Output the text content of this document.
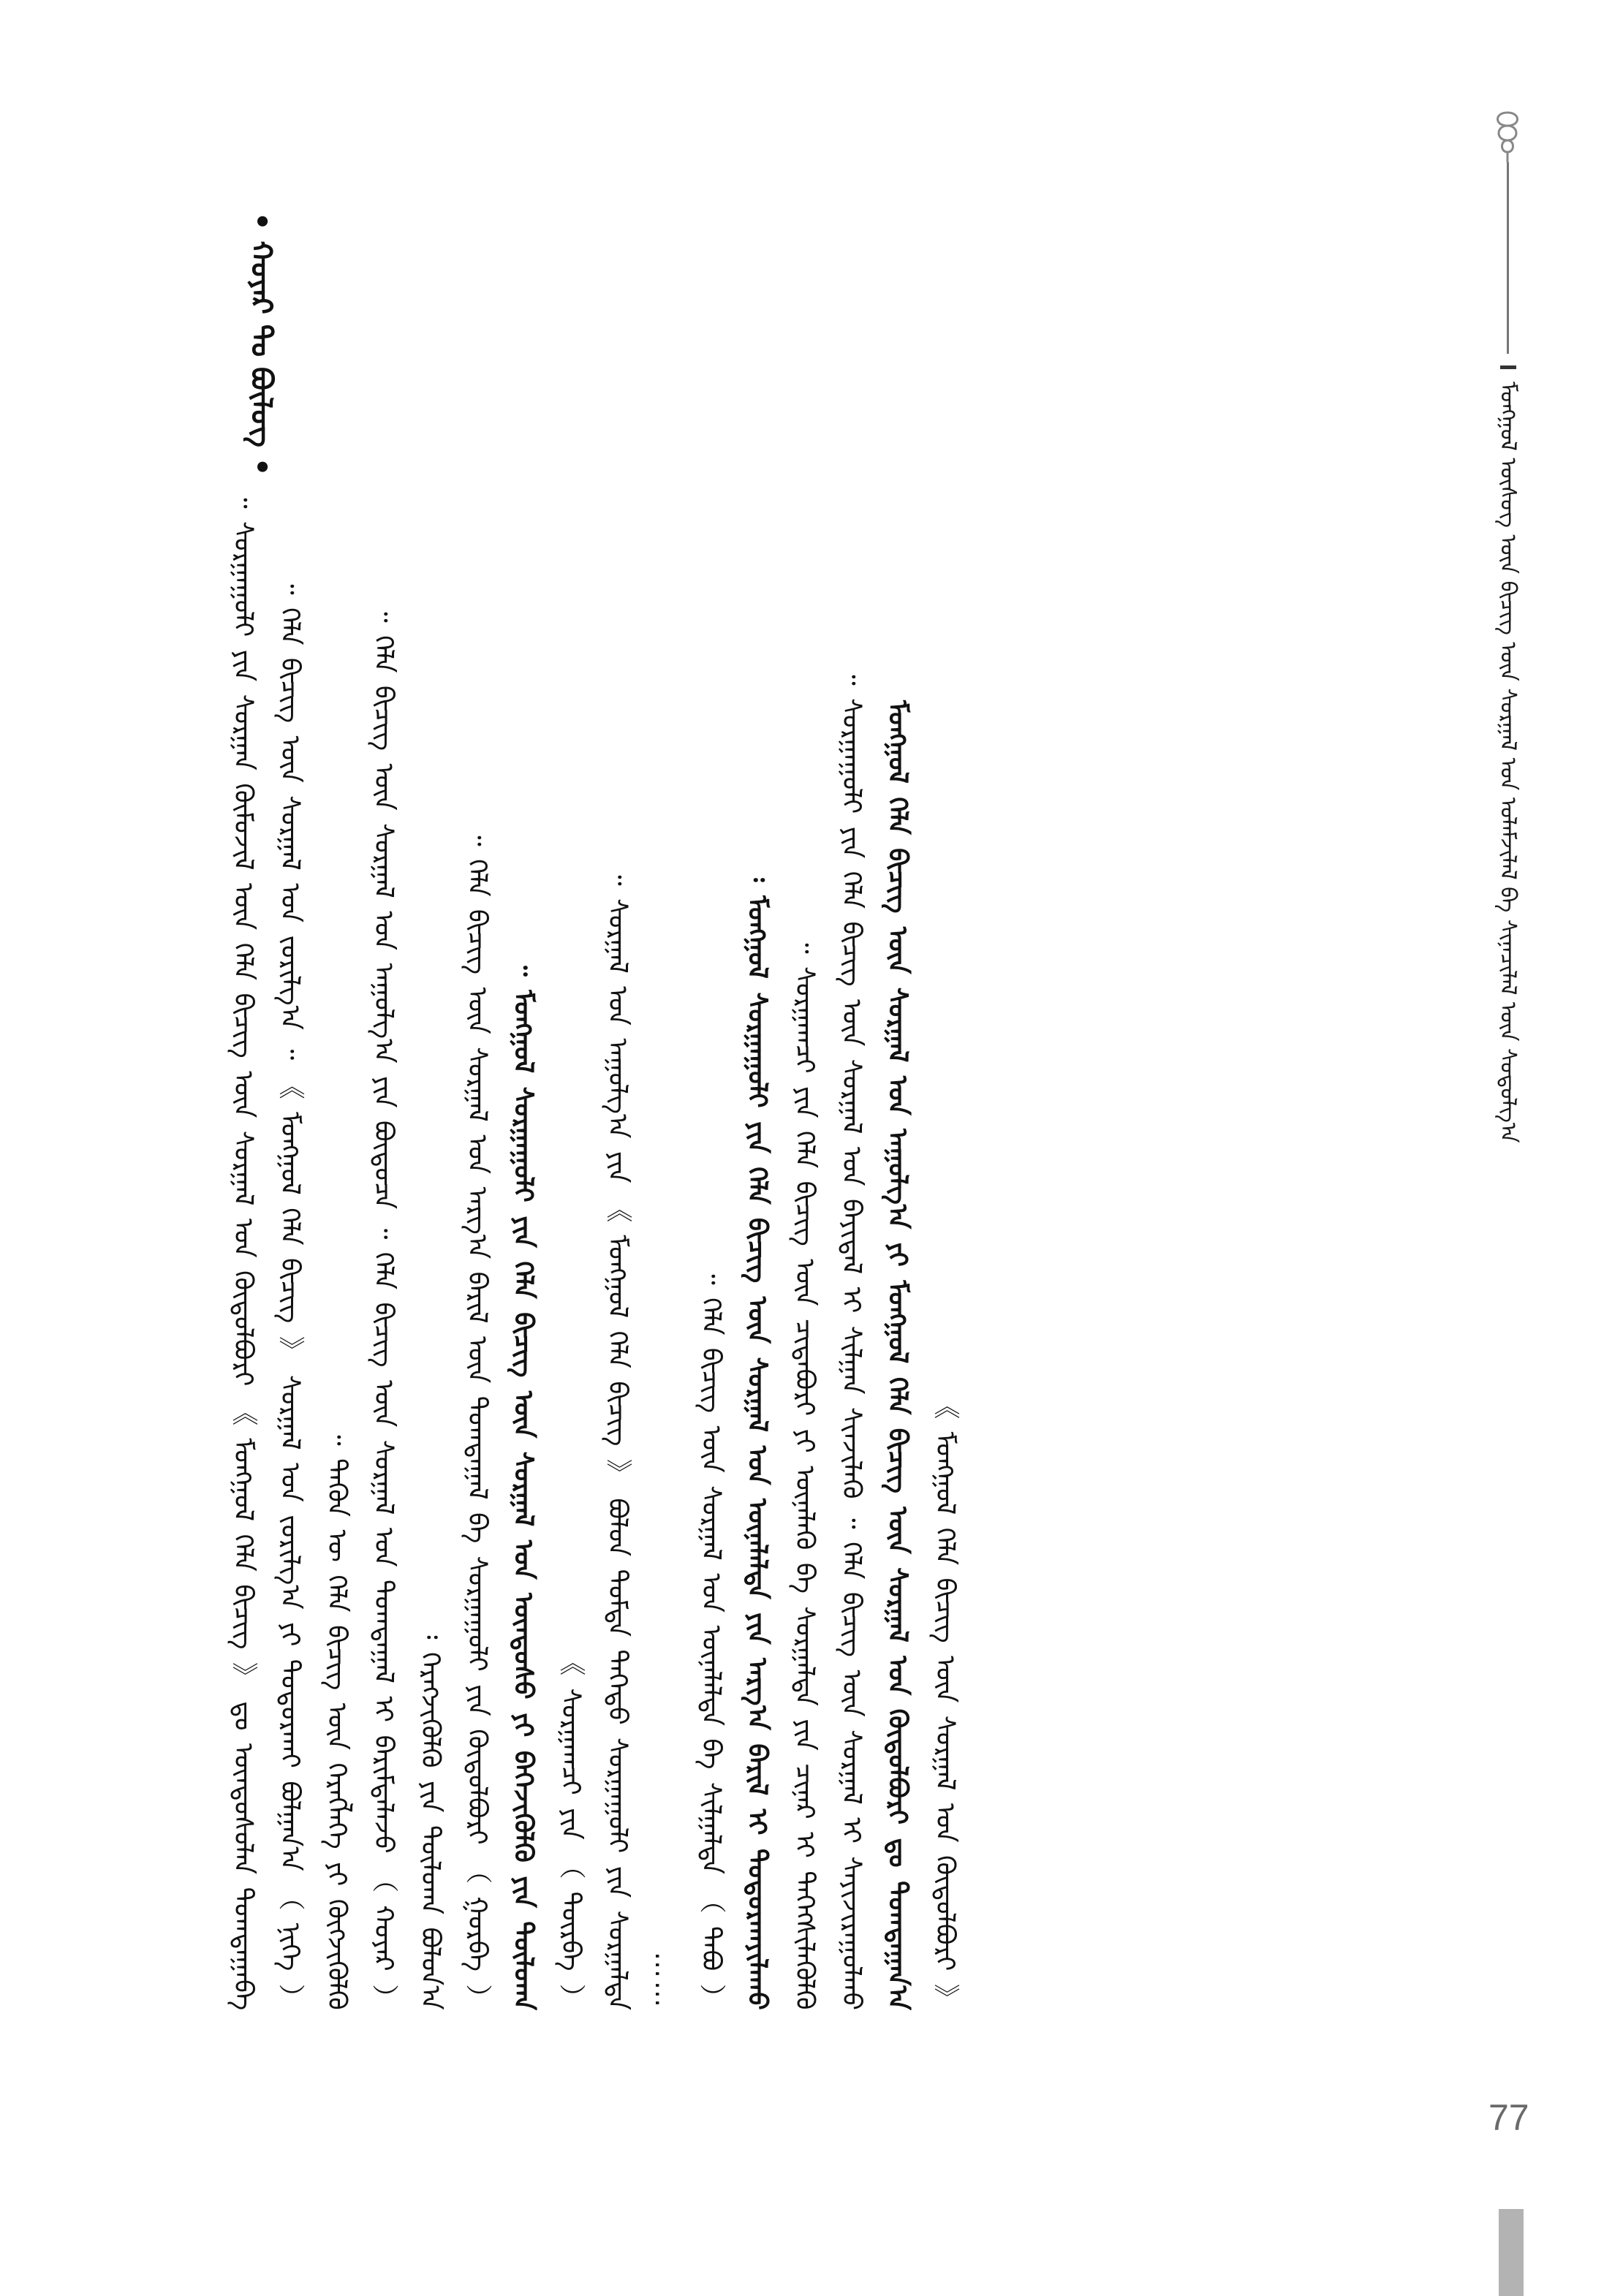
ᠮᠣᠩᠭᠣᠯ ᠦᠰᠦᠭ ᠦᠨ ᠪᠢᠴᠢᠭ᠌ ᠦᠨ ᠰᠤᠷᠭᠠᠯ ᠤᠨ ᠤᠯᠠᠮᠵᠢᠯᠠᠯ ᠪᠠ ᠰᠢᠨᠡᠴᠢᠯᠡᠯ ᠦᠨ ᠰᠤᠳᠤᠯᠭ᠎ᠠ
ᠰᠤᠷᠭᠠᠭᠤᠯᠢ ᠶᠢᠨ ᠰᠤᠷᠭᠠᠨ ᠬᠦᠮᠦᠵᠢᠯ ᠦᠨ ᠬᠡᠯᠡ ᠪᠢᠴᠢᠭ ᠦᠨ ᠰᠤᠷᠭᠠᠯ ᠤᠨ ᠬᠥᠲᠥᠯᠪᠦᠷᠢ 《 ᠮᠣᠩᠭᠣᠯ ᠬᠡᠯᠡ ᠪᠢᠴᠢᠭ᠌ 》 ᠳᠤ ᠦᠨᠳᠦᠰᠦᠯᠡᠨ ᠲᠣᠭᠲᠠᠭᠠᠪᠠ ᠃ （ ᠨᠢᠭᠡ ） ᠬᠡᠯᠡ ᠪᠢᠴᠢᠭ᠌ ᠦᠨ ᠰᠤᠷᠭᠠᠯ ᠤᠨ ᠵᠣᠷᠢᠯᠭ᠎ᠠ ᠃ 《 ᠮᠣᠩᠭᠣᠯ ᠬᠡᠯᠡ ᠪᠢᠴᠢᠭ᠌ 》 ᠰᠤᠷᠭᠠᠯ ᠤᠨ ᠵᠣᠷᠢᠯᠭ᠎ᠠ ᠶᠢ ᠲᠣᠳᠣᠷᠬᠠᠶ ᠪᠣᠯᠭᠠᠨ᠎ᠠ ᠃
ᠲᠡᠭᠦᠨ ᠦ ᠬᠡᠯᠡ ᠪᠢᠴᠢᠭ᠌ ᠦᠨ ᠬᠡᠷᠡᠭᠯᠡᠭᠡ ᠶᠢ ᠬᠥᠭᠵᠢᠭᠦᠯᠬᠦ ᠃
（ ᠬᠣᠶᠠᠷ ） ᠬᠡᠯᠡ ᠪᠢᠴᠢᠭ᠌ ᠦᠨ ᠰᠤᠷᠭᠠᠯ ᠤᠨ ᠠᠭᠤᠯᠭ᠎ᠠ ᠶᠢᠨ ᠪᠦᠲᠦᠴᠡ ᠃ ᠬᠡᠯᠡ ᠪᠢᠴᠢᠭ᠌ ᠦᠨ ᠰᠤᠷᠭᠠᠯ ᠤᠨ ᠲᠣᠭᠲᠠᠭᠠᠯ ᠢ ᠪᠠᠷᠢᠮᠳᠠᠯᠠᠵᠤ ᠃
ᠬᠡᠷᠡᠭᠵᠢᠭᠦᠯᠬᠦ ᠶᠢᠨ ᠲᠥᠯᠥᠭ᠍ᠡ ᠪᠣᠯᠤᠨ᠎ᠠ ᠄
（ ᠭᠤᠷᠪᠠ ） ᠬᠡᠯᠡ ᠪᠢᠴᠢᠭ᠌ ᠦᠨ ᠰᠤᠷᠭᠠᠯ ᠤᠨ ᠠᠷᠭ᠎ᠠ ᠪᠠᠷᠢᠯ ᠦᠨ ᠲᠣᠭᠲᠠᠭᠠᠯ ᠪᠠ ᠰᠤᠷᠭᠠᠭᠤᠯᠢ ᠶᠢᠨ ᠬᠥᠲᠥᠯᠪᠦᠷᠢ ᠃
ᠮᠣᠩᠭᠣᠯ ᠰᠤᠷᠭᠠᠭᠤᠯᠢ ᠶᠢᠨ ᠬᠡᠯᠡ ᠪᠢᠴᠢᠭ ᠦᠨ ᠰᠤᠷᠭᠠᠯ ᠤᠨ ᠦᠨᠳᠦᠰᠦ ᠶᠢ ᠪᠡᠬᠡᠵᠢᠭᠦᠯᠬᠦ ᠶᠢᠨ ᠲᠥᠯᠥᠭ᠍ᠡ ᠃ ᠰᠤᠷᠭᠠᠭᠴᠢ ᠶᠢᠨ （ ᠳᠥᠷᠪᠡ ） 》
ᠰᠤᠷᠭᠠᠯ ᠤᠨ ᠠᠭᠤᠯᠭ᠎ᠠ ᠶᠢᠨ 《 ᠮᠣᠩᠭᠣᠯ ᠬᠡᠯᠡ ᠪᠢᠴᠢᠭ᠌ 》 ᠪᠣᠯᠤᠨ ᠳᠤᠮᠳᠠ ᠳᠡᠭᠡᠳᠦ ᠰᠤᠷᠭᠠᠭᠤᠯᠢ ᠶᠢᠨ ᠰᠤᠷᠭᠠᠯᠲᠠ ᠃ ……
（ ᠲᠠᠪᠤ ） ᠬᠡᠯᠡ ᠪᠢᠴᠢᠭ᠌ ᠦᠨ ᠰᠤᠷᠭᠠᠯ ᠤᠨ ᠦᠨᠡᠯᠡᠯᠲᠡ ᠪᠠ ᠰᠢᠯᠭᠠᠯᠲᠠ ᠃
ᠮᠣᠩᠭᠣᠯ ᠰᠤᠷᠭᠠᠭᠤᠯᠢ ᠶᠢᠨ ᠬᠡᠯᠡ ᠪᠢᠴᠢᠭ᠌ ᠦᠨ ᠰᠤᠷᠭᠠᠯ ᠤᠨ ᠦᠨᠡᠯᠡᠯᠲᠡ ᠶᠢᠨ ᠠᠷᠭ᠎ᠠ ᠪᠠᠷᠢᠯ ᠢ ᠲᠣᠳᠣᠷᠬᠠᠶᠢᠯᠠᠬᠤ ᠄ ᠰᠤᠷᠭᠠᠭᠴᠢ ᠶᠢᠨ ᠬᠡᠯᠡ ᠪᠢᠴᠢᠭ᠌ ᠦᠨ ᠴᠢᠳᠠᠪᠤᠷᠢ ᠶᠢ ᠦᠨᠡᠯᠡᠬᠦ ᠪᠠ ᠰᠤᠷᠭᠠᠯᠲᠠ ᠶᠢᠨ ᠴᠢᠨᠠᠷ ᠢ ᠳᠡᠭᠡᠭᠰᠢᠯᠡᠭᠦᠯᠬᠦ ᠃
ᠰᠤᠷᠭᠠᠭᠤᠯᠢ ᠶᠢᠨ ᠬᠡᠯᠡ ᠪᠢᠴᠢᠭ᠌ ᠦᠨ ᠰᠤᠷᠭᠠᠯ ᠤᠨ ᠪᠠᠶᠢᠳᠠᠯ ᠢ ᠰᠢᠯᠭᠠᠨ ᠰᠢᠨᠵᠢᠯᠡᠬᠦ ᠃ ᠬᠡᠯᠡ ᠪᠢᠴᠢᠭ᠌ ᠦᠨ ᠰᠤᠷᠭᠠᠯ ᠢ ᠰᠠᠶᠢᠵᠢᠷᠠᠭᠤᠯᠬᠤ ᠃ ᠮᠣᠩᠭᠣᠯ ᠬᠡᠯᠡ ᠪᠢᠴᠢᠭ᠌ ᠦᠨ ᠰᠤᠷᠭᠠᠯ ᠤᠨ ᠠᠭᠤᠯᠭ᠎ᠠ ᠶᠢ ᠮᠣᠩᠭᠣᠯ ᠬᠡᠯᠡ ᠪᠢᠴᠢᠭ᠌ ᠦᠨ ᠰᠤᠷᠭᠠᠯ ᠤᠨ ᠬᠥᠲᠥᠯᠪᠦᠷᠢ ᠳᠤ ᠲᠣᠭᠲᠠᠭᠠᠨ᠎ᠠ 《 ᠮᠣᠩᠭᠣᠯ ᠬᠡᠯᠡ ᠪᠢᠴᠢᠭ᠌ ᠦᠨ ᠰᠤᠷᠭᠠᠯ ᠤᠨ ᠬᠥᠲᠥᠯᠪᠦᠷᠢ 》
• ᠬᠣᠶᠠᠷ ᠲᠤ ᠪᠦᠯᠦᠭ •
77
